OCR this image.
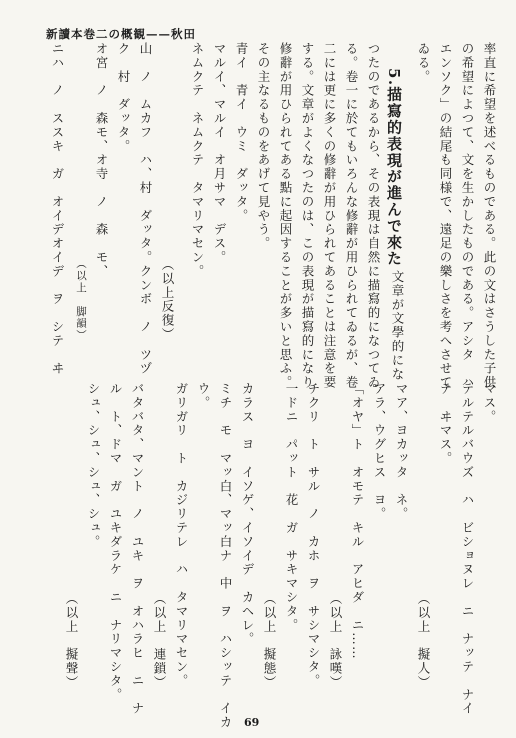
新讀本卷二の概観——秋田
率直に希望を述べるものである。此の文はさうした子供
の希望によつて、文を生かしたものである。アシタ　ハ
エンソク」の結尾も同様で、遠足の樂しさを考へさせて
ゐる。
5.描寫的表現が進んで來た
文章が文學的にな
つたのであるから、その表現は自然に描寫的になつてゐ
る。卷一に於てもいろんな修辭が用ひられてゐるが、卷
二には更に多くの修辭が用ひられてあることは注意を要
する。文章がよくなつたのは、この表現が描寫的になり
修辭が用ひられてある點に起因することが多いと思ふ。
その主なるものをあげて見やう。
青イ　青イ　ウミ　ダッタ。
マルイ、マルイ　オ月サマ　デス。
ネムクテ　ネムクテ　タマリマセン。
（以上反復）
山　ノ　ムカフ　ハ、村　ダッタ。クンボ　ノ　ツヅ
ク　村　ダッタ。
オ宮　ノ　森モ、オ寺　ノ　森　モ、
（以上　脚韻）
ニハ　ノ　ススキ　ガ　オイデオイデ　ヲ　シテ　ヰ
マス。
テルテルバウズ　ハ　ビショヌレ　ニ　ナッテ　ナイ
テ　ヰマス。
（以上　擬人）
マア、ヨカッタ　ネ。
アラ、ウグヒス　ヨ。
「オヤ」ト　オモテ　キル　アヒダ　ニ……
（以上　詠嘆）
チクリ　ト　サル　ノ　カホ　ヲ　サシマシタ。
一ドニ　パット　花　ガ　サキマシタ。
（以上　擬態）
カラス　ヨ　イソゲ、イソイデ　カヘレ。
ミチ　モ　マッ白、マッ白ナ　中　ヲ　ハシッテ　イカ
ウ。
ガリガリ　ト　カジリテレ　ハ　タマリマセン。
（以上　連鎖）
バタバタ、マント　ノ　ユキ　ヲ　オハラヒ　ニ　ナ
ル　ト、ドマ　ガ　ユキダラケ　ニ　ナリマシタ。
シュ、シュ、シュ、シュ。
（以上　擬聲）
69
